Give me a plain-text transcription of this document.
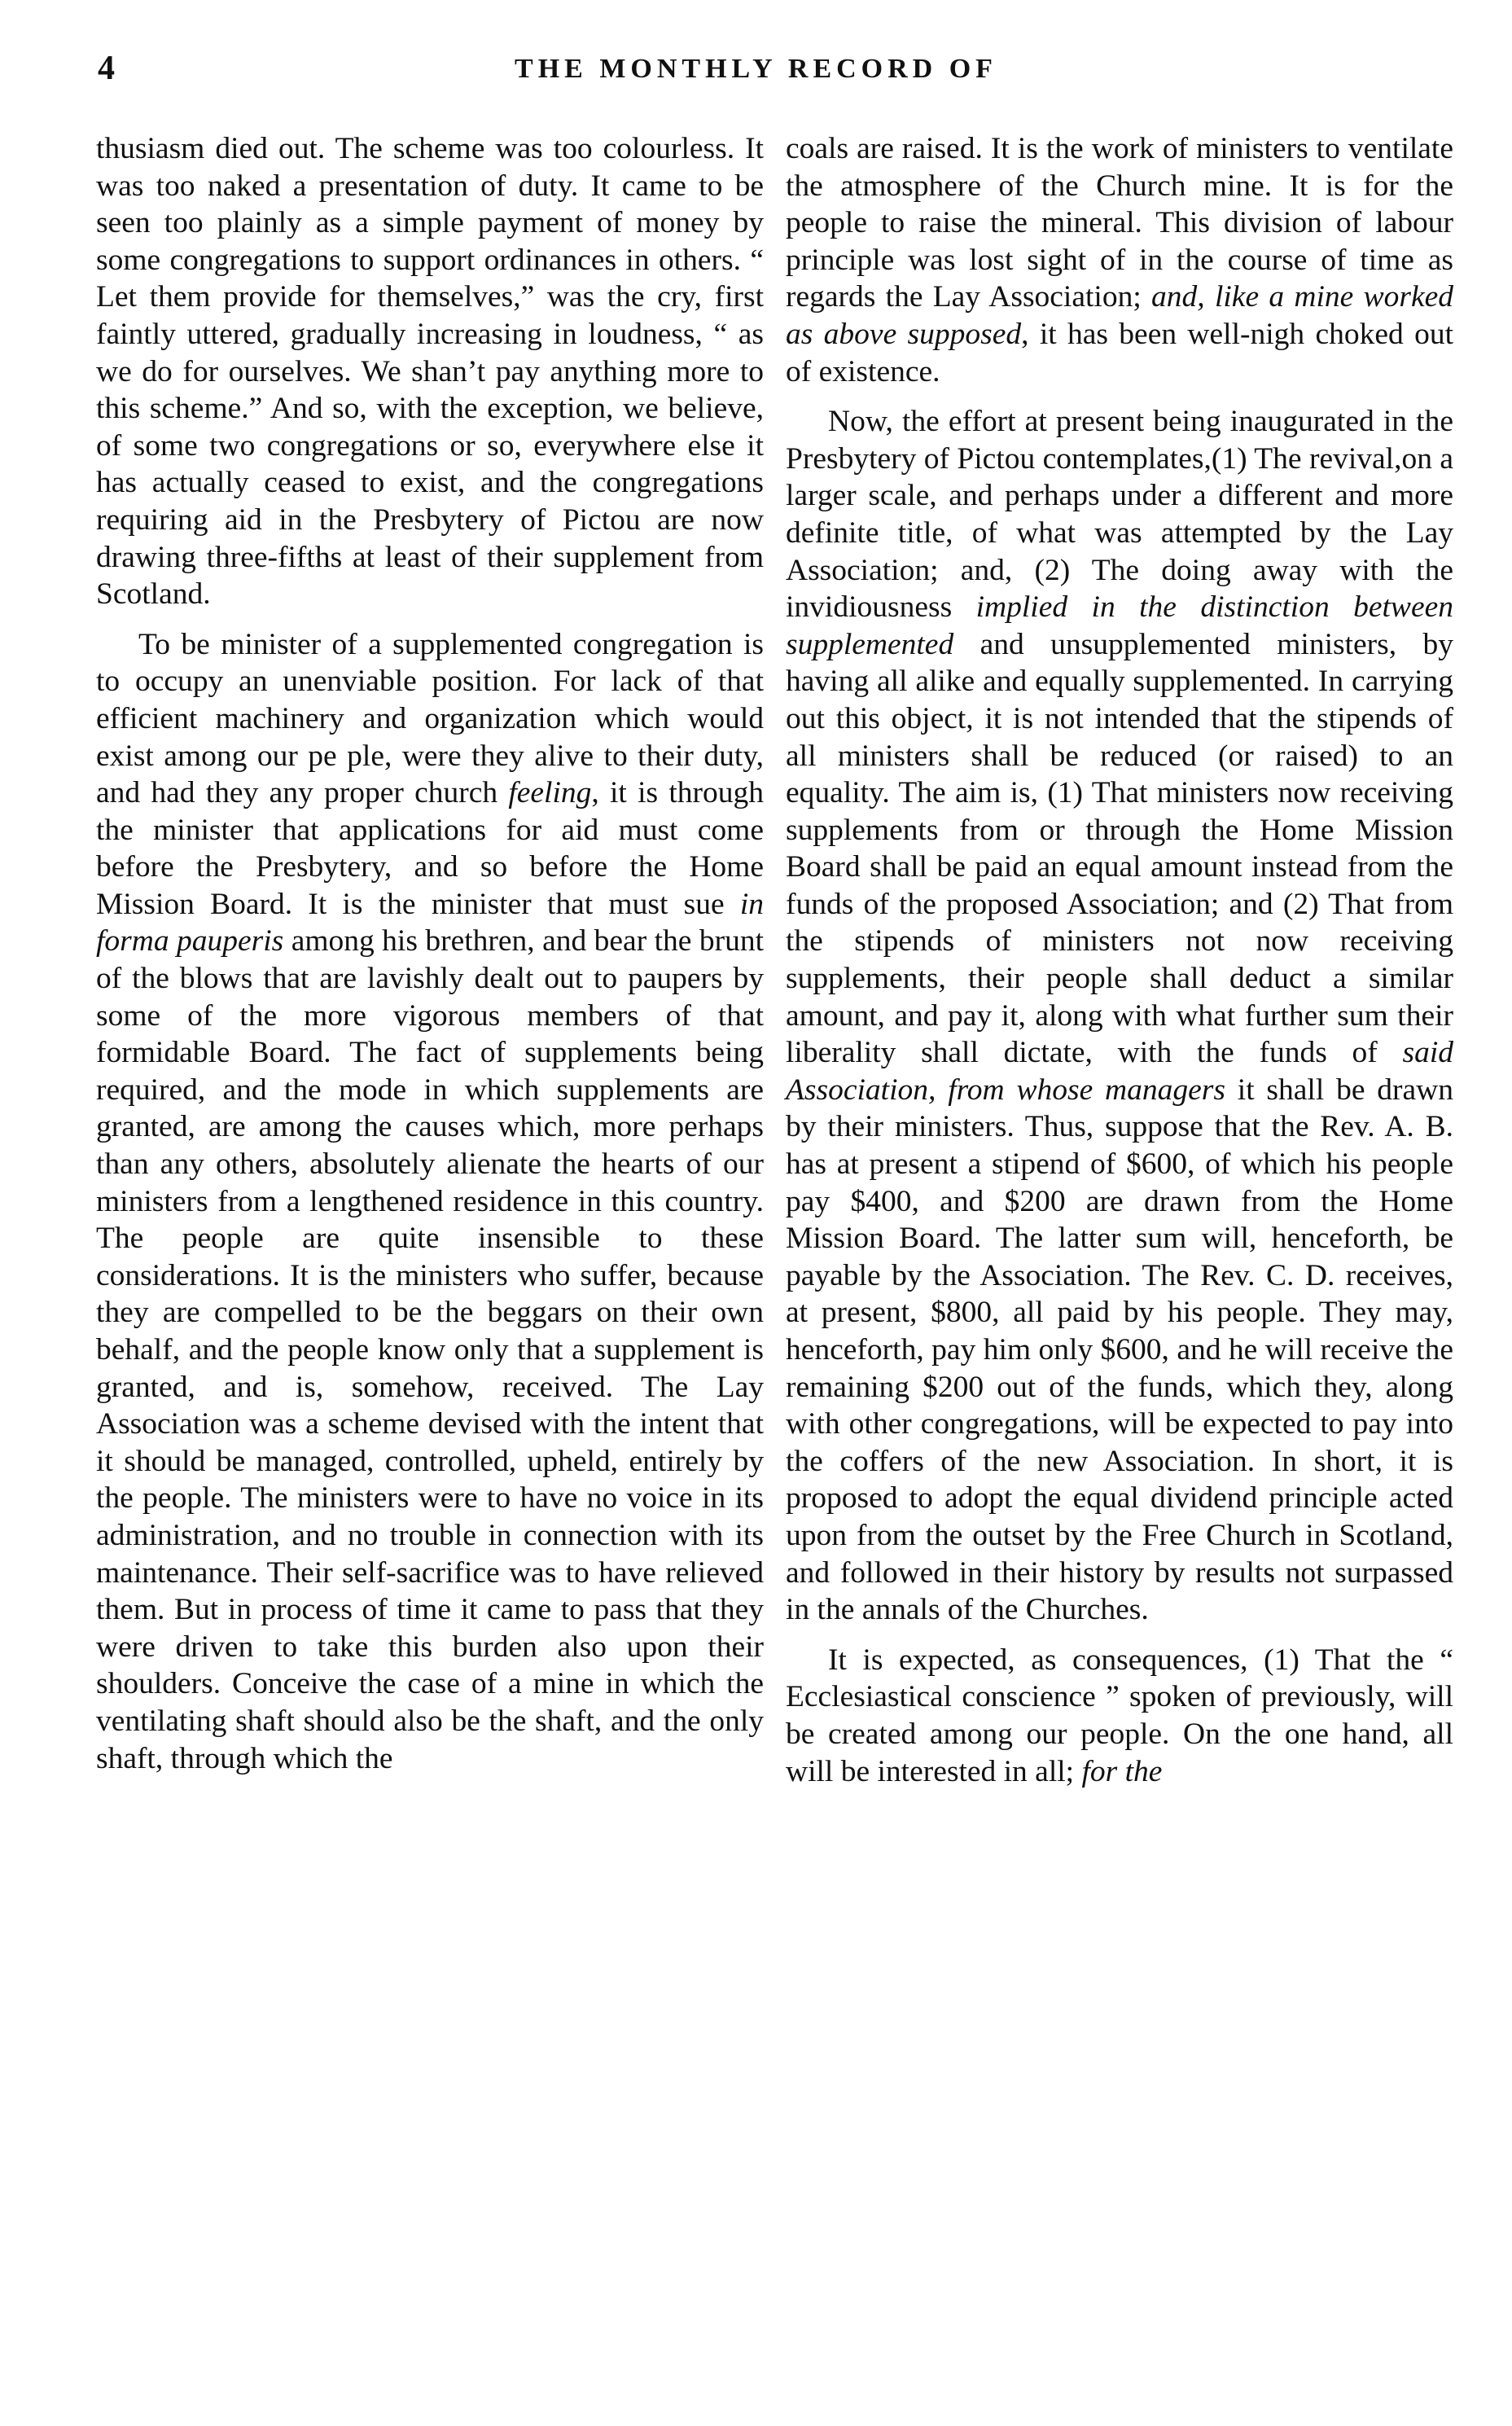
4	THE MONTHLY RECORD OF

thusiasm died out. The scheme was too colourless. It was too naked a presentation of duty. It came to be seen too plainly as a simple payment of money by some congregations to support ordinances in others. “ Let them provide for themselves,” was the cry, first faintly uttered, gradually increasing in loudness, “ as we do for ourselves. We shan’t pay anything more to this scheme.” And so, with the exception, we believe, of some two congregations or so, everywhere else it has actually ceased to exist, and the congregations requiring aid in the Presbytery of Pictou are now drawing three-fifths at least of their supplement from Scotland.

To be minister of a supplemented congregation is to occupy an unenviable position. For lack of that efficient machinery and organization which would exist among our pe ple, were they alive to their duty, and had they any proper church feeling, it is through the minister that applications for aid must come before the Presbytery, and so before the Home Mission Board. It is the minister that must sue in forma pauperis among his brethren, and bear the brunt of the blows that are lavishly dealt out to paupers by some of the more vigorous members of that formidable Board. The fact of supplements being required, and the mode in which supplements are granted, are among the causes which, more perhaps than any others, absolutely alienate the hearts of our ministers from a lengthened residence in this country. The people are quite insensible to these considerations. It is the ministers who suffer, because they are compelled to be the beggars on their own behalf, and the people know only that a supplement is granted, and is, somehow, received. The Lay Association was a scheme devised with the intent that it should be managed, controlled, upheld, entirely by the people. The ministers were to have no voice in its administration, and no trouble in connection with its maintenance. Their self-sacrifice was to have relieved them. But in process of time it came to pass that they were driven to take this burden also upon their shoulders. Conceive the case of a mine in which the ventilating shaft should also be the shaft, and the only shaft, through which the

coals are raised. It is the work of ministers to ventilate the atmosphere of the Church mine. It is for the people to raise the mineral. This division of labour principle was lost sight of in the course of time as regards the Lay Association; and, like a mine worked as above supposed, it has been well-nigh choked out of existence.

Now, the effort at present being inaugurated in the Presbytery of Pictou contemplates,(1) The revival,on a larger scale, and perhaps under a different and more definite title, of what was attempted by the Lay Association; and, (2) The doing away with the invidiousness implied in the distinction between supplemented and unsupplemented ministers, by having all alike and equally supplemented. In carrying out this object, it is not intended that the stipends of all ministers shall be reduced (or raised) to an equality. The aim is, (1) That ministers now receiving supplements from or through the Home Mission Board shall be paid an equal amount instead from the funds of the proposed Association; and (2) That from the stipends of ministers not now receiving supplements, their people shall deduct a similar amount, and pay it, along with what further sum their liberality shall dictate, with the funds of said Association, from whose managers it shall be drawn by their ministers. Thus, suppose that the Rev. A. B. has at present a stipend of $600, of which his people pay $400, and $200 are drawn from the Home Mission Board. The latter sum will, henceforth, be payable by the Association. The Rev. C. D. receives, at present, $800, all paid by his people. They may, henceforth, pay him only $600, and he will receive the remaining $200 out of the funds, which they, along with other congregations, will be expected to pay into the coffers of the new Association. In short, it is proposed to adopt the equal dividend principle acted upon from the outset by the Free Church in Scotland, and followed in their history by results not surpassed in the annals of the Churches.

It is expected, as consequences, (1) That the “ Ecclesiastical conscience ” spoken of previously, will be created among our people. On the one hand, all will be interested in all; for the
